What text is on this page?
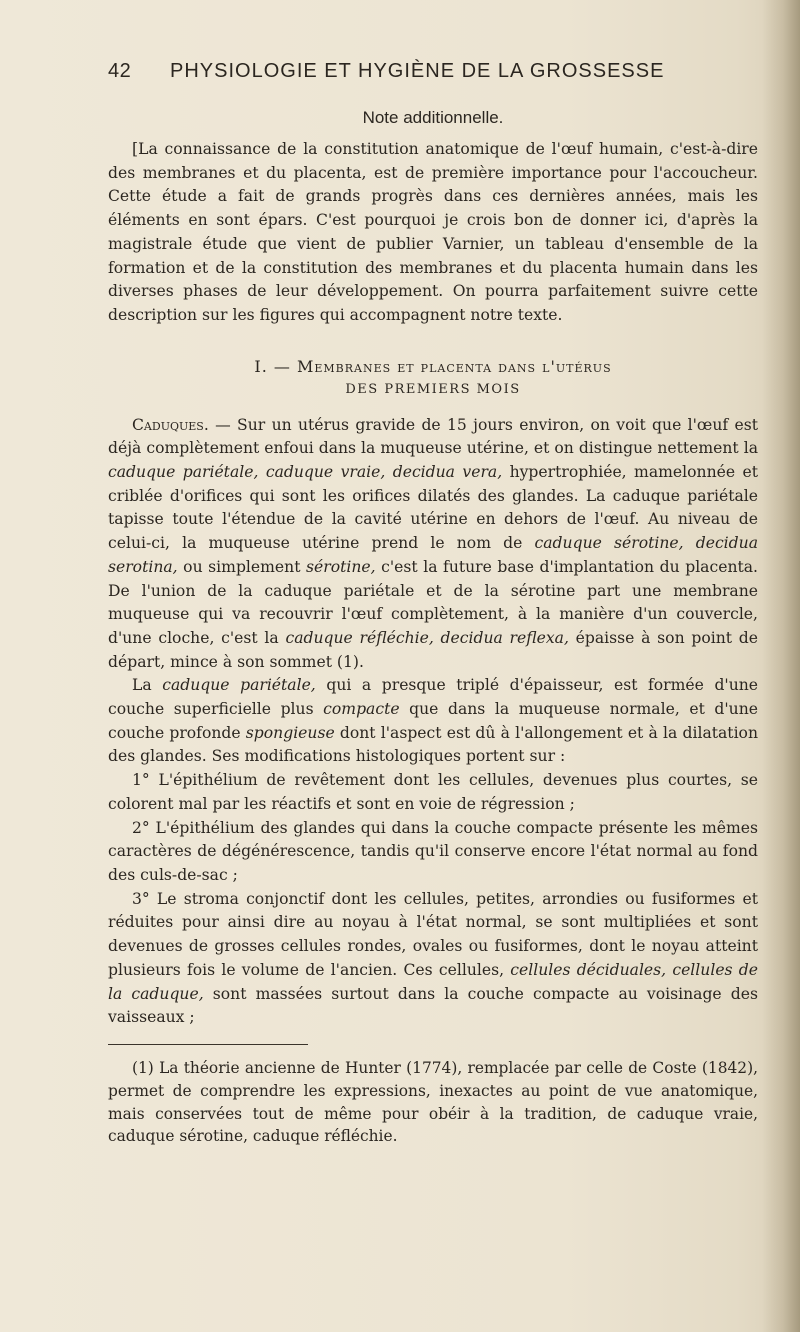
42	PHYSIOLOGIE ET HYGIÈNE DE LA GROSSESSE
Note additionnelle.

[La connaissance de la constitution anatomique de l'œuf humain, c'est-à-dire des membranes et du placenta, est de première importance pour l'accoucheur. Cette étude a fait de grands progrès dans ces dernières années, mais les éléments en sont épars. C'est pourquoi je crois bon de donner ici, d'après la magistrale étude que vient de publier Varnier, un tableau d'ensemble de la formation et de la constitution des membranes et du placenta humain dans les diverses phases de leur développement. On pourra parfaitement suivre cette description sur les figures qui accompagnent notre texte.

I. — Membranes et placenta dans l'utérus
DES PREMIERS MOIS

Caduques. — Sur un utérus gravide de 15 jours environ, on voit que l'œuf est déjà complètement enfoui dans la muqueuse utérine, et on distingue nettement la caduque pariétale, caduque vraie, decidua vera, hypertrophiée, mamelonnée et criblée d'orifices qui sont les orifices dilatés des glandes. La caduque pariétale tapisse toute l'étendue de la cavité utérine en dehors de l'œuf. Au niveau de celui-ci, la muqueuse utérine prend le nom de caduque sérotine, decidua serotina, ou simplement sérotine, c'est la future base d'implantation du placenta. De l'union de la caduque pariétale et de la sérotine part une membrane muqueuse qui va recouvrir l'œuf complètement, à la manière d'un couvercle, d'une cloche, c'est la caduque réfléchie, decidua reflexa, épaisse à son point de départ, mince à son sommet (1).

La caduque pariétale, qui a presque triplé d'épaisseur, est formée d'une couche superficielle plus compacte que dans la muqueuse normale, et d'une couche profonde spongieuse dont l'aspect est dû à l'allongement et à la dilatation des glandes. Ses modifications histologiques portent sur :

1° L'épithélium de revêtement dont les cellules, devenues plus courtes, se colorent mal par les réactifs et sont en voie de régression ;

2° L'épithélium des glandes qui dans la couche compacte présente les mêmes caractères de dégénérescence, tandis qu'il conserve encore l'état normal au fond des culs-de-sac ;

3° Le stroma conjonctif dont les cellules, petites, arrondies ou fusiformes et réduites pour ainsi dire au noyau à l'état normal, se sont multipliées et sont devenues de grosses cellules rondes, ovales ou fusiformes, dont le noyau atteint plusieurs fois le volume de l'ancien. Ces cellules, cellules déciduales, cellules de la caduque, sont massées surtout dans la couche compacte au voisinage des vaisseaux ;

(1) La théorie ancienne de Hunter (1774), remplacée par celle de Coste (1842), permet de comprendre les expressions, inexactes au point de vue anatomique, mais conservées tout de même pour obéir à la tradition, de caduque vraie, caduque sérotine, caduque réfléchie.
